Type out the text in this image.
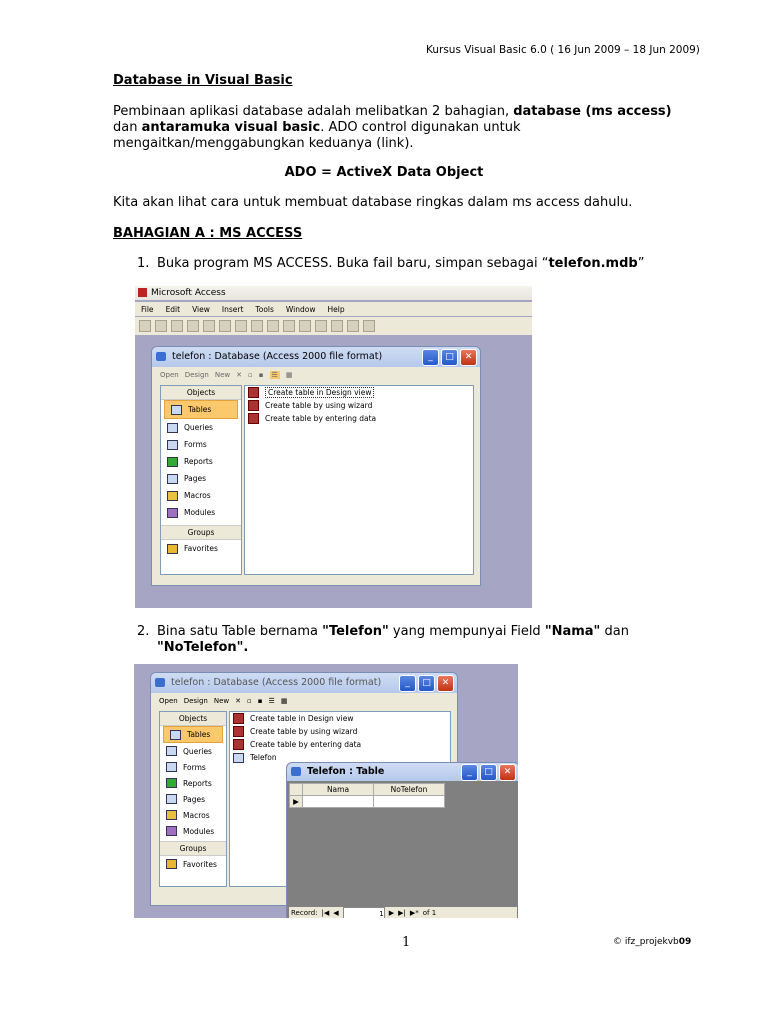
Kursus Visual Basic 6.0 ( 16 Jun 2009 – 18 Jun 2009)
Database in Visual Basic
Pembinaan aplikasi database adalah melibatkan 2 bahagian, database (ms access) dan antaramuka visual basic. ADO control digunakan untuk mengaitkan/menggabungkan keduanya (link).
ADO = ActiveX Data Object
Kita akan lihat cara untuk membuat database ringkas dalam ms access dahulu.
BAHAGIAN A : MS ACCESS
1. Buka program MS ACCESS. Buka fail baru, simpan sebagai “telefon.mdb”
Microsoft Access
File Edit View Insert Tools Window Help
telefon : Database (Access 2000 file format)	_	□	✕
Open Design New ✕ ▫ ▪ ☰ ▦
Objects
Tables
Queries
Forms
Reports
Pages
Macros
Modules
Groups
Favorites
Create table in Design view
Create table by using wizard
Create table by entering data
2. Bina satu Table bernama "Telefon" yang mempunyai Field "Nama" dan
"NoTelefon".
telefon : Database (Access 2000 file format)	_	□	✕
Open Design New ✕ ▫ ▪ ☰ ▦
Objects
Tables
Queries
Forms
Reports
Pages
Macros
Modules
Groups
Favorites
Create table in Design view
Create table by using wizard
Create table by entering data
Telefon
Telefon : Table	_	□	✕
	Nama	NoTelefon
▶		
Record: |◀ ◀	1 ▶ ▶| ▶* of 1
1	© ifz_projekvb09
